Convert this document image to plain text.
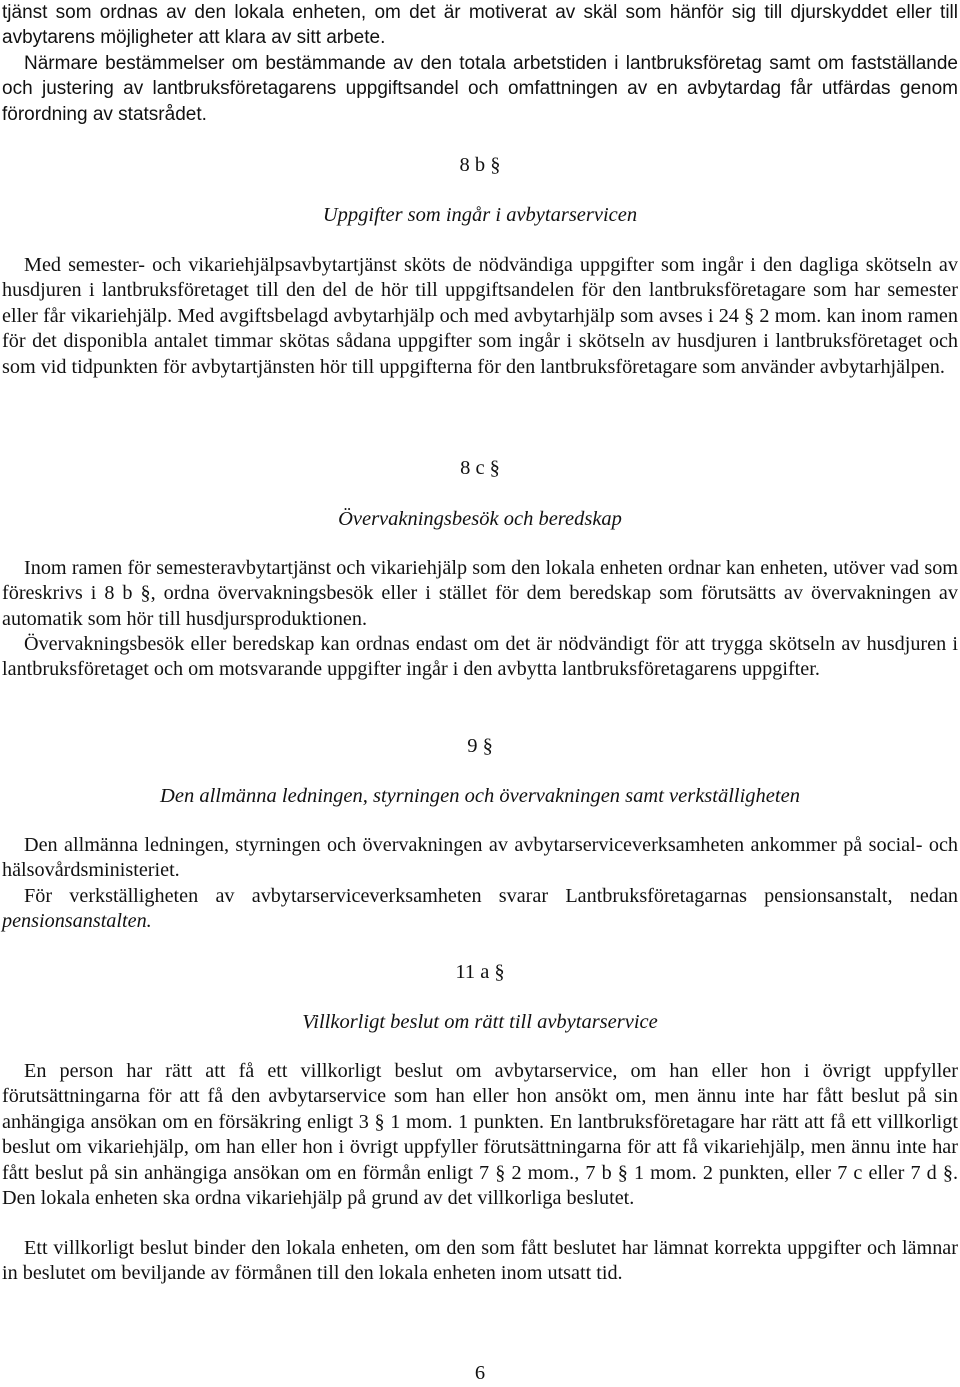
tjänst som ordnas av den lokala enheten, om det är motiverat av skäl som hänför sig till djurskyddet eller till avbytarens möjligheter att klara av sitt arbete.

Närmare bestämmelser om bestämmande av den totala arbetstiden i lantbruksföretag samt om fastställande och justering av lantbruksföretagarens uppgiftsandel och omfattningen av en avbytardag får utfärdas genom förordning av statsrådet.

8 b §

Uppgifter som ingår i avbytarservicen

Med semester- och vikariehjälpsavbytartjänst sköts de nödvändiga uppgifter som ingår i den dagliga skötseln av husdjuren i lantbruksföretaget till den del de hör till uppgiftsandelen för den lantbruksföretagare som har semester eller får vikariehjälp. Med avgiftsbelagd avbytarhjälp och med avbytarhjälp som avses i 24 § 2 mom. kan inom ramen för det disponibla antalet timmar skötas sådana uppgifter som ingår i skötseln av husdjuren i lantbruksföretaget och som vid tidpunkten för avbytartjänsten hör till uppgifterna för den lantbruksföretagare som använder avbytarhjälpen.

8 c §

Övervakningsbesök och beredskap

Inom ramen för semesteravbytartjänst och vikariehjälp som den lokala enheten ordnar kan enheten, utöver vad som föreskrivs i 8 b §, ordna övervakningsbesök eller i stället för dem beredskap som förutsätts av övervakningen av automatik som hör till husdjursproduktionen.

Övervakningsbesök eller beredskap kan ordnas endast om det är nödvändigt för att trygga skötseln av husdjuren i lantbruksföretaget och om motsvarande uppgifter ingår i den avbytta lantbruksföretagarens uppgifter.

9 §

Den allmänna ledningen, styrningen och övervakningen samt verkställigheten

Den allmänna ledningen, styrningen och övervakningen av avbytarserviceverksamheten ankommer på social- och hälsovårdsministeriet.

För verkställigheten av avbytarserviceverksamheten svarar Lantbruksföretagarnas pensionsanstalt, nedan pensionsanstalten.

11 a §

Villkorligt beslut om rätt till avbytarservice

En person har rätt att få ett villkorligt beslut om avbytarservice, om han eller hon i övrigt uppfyller förutsättningarna för att få den avbytarservice som han eller hon ansökt om, men ännu inte har fått beslut på sin anhängiga ansökan om en försäkring enligt 3 § 1 mom. 1 punkten. En lantbruksföretagare har rätt att få ett villkorligt beslut om vikariehjälp, om han eller hon i övrigt uppfyller förutsättningarna för att få vikariehjälp, men ännu inte har fått beslut på sin anhängiga ansökan om en förmån enligt 7 § 2 mom., 7 b § 1 mom. 2 punkten, eller 7 c eller 7 d §. Den lokala enheten ska ordna vikariehjälp på grund av det villkorliga beslutet.

Ett villkorligt beslut binder den lokala enheten, om den som fått beslutet har lämnat korrekta uppgifter och lämnar in beslutet om beviljande av förmånen till den lokala enheten inom utsatt tid.

6
